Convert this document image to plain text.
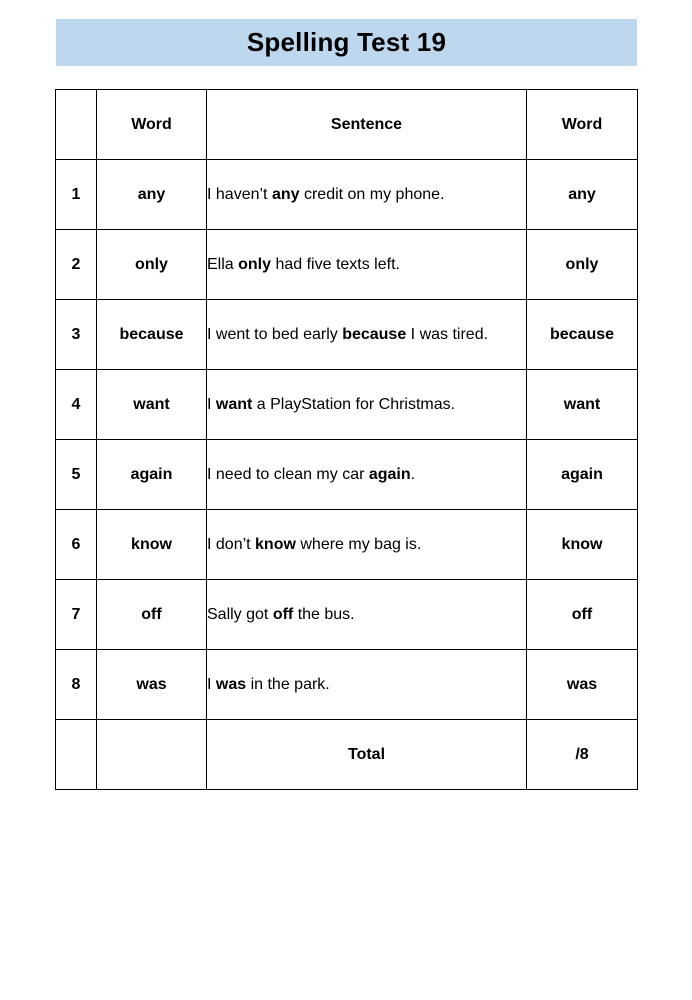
Spelling Test 19
	Word	Sentence	Word
1	any	I haven’t any credit on my phone.	any
2	only	Ella only had five texts left.	only
3	because	I went to bed early because I was tired.	because
4	want	I want a PlayStation for Christmas.	want
5	again	I need to clean my car again.	again
6	know	I don’t know where my bag is.	know
7	off	Sally got off the bus.	off
8	was	I was in the park.	was
		Total	/8
